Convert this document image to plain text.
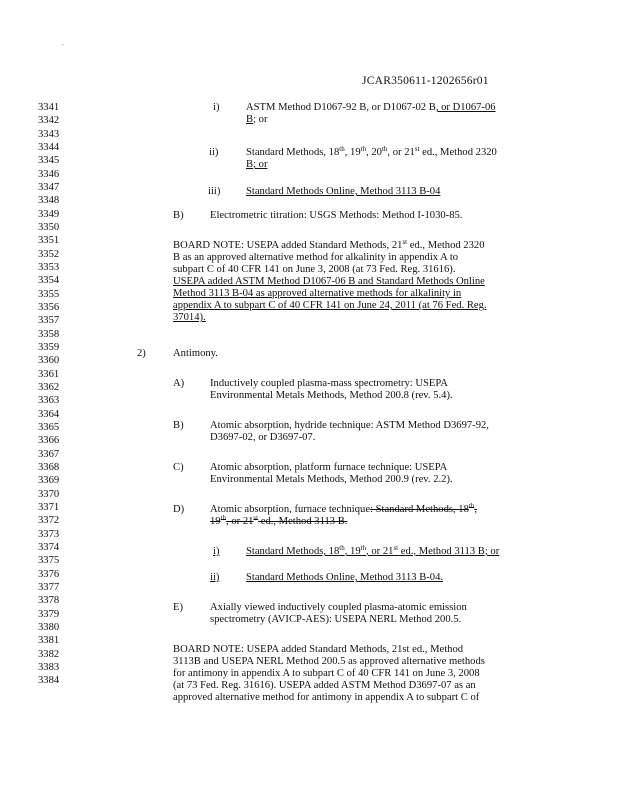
.
JCAR350611-1202656r01
3341
3342
3343
3344
3345
3346
3347
3348
3349
3350
3351
3352
3353
3354
3355
3356
3357
3358
3359
3360
3361
3362
3363
3364
3365
3366
3367
3368
3369
3370
3371
3372
3373
3374
3375
3376
3377
3378
3379
3380
3381
3382
3383
3384
i)	ASTM Method D1067-92 B, or D1067-02 B, or D1067-06
B; or
ii)	Standard Methods, 18th, 19th, 20th, or 21st ed., Method 2320
B; or
iii) Standard Methods Online, Method 3113 B-04
B) Electrometric titration: USGS Methods: Method I-1030-85.
BOARD NOTE: USEPA added Standard Methods, 21st ed., Method 2320
B as an approved alternative method for alkalinity in appendix A to
subpart C of 40 CFR 141 on June 3, 2008 (at 73 Fed. Reg. 31616).
USEPA added ASTM Method D1067-06 B and Standard Methods Online
Method 3113 B-04 as approved alternative methods for alkalinity in
appendix A to subpart C of 40 CFR 141 on June 24, 2011 (at 76 Fed. Reg.
37014).
2)	Antimony.
A) Inductively coupled plasma-mass spectrometry: USEPA
Environmental Metals Methods, Method 200.8 (rev. 5.4).
B) Atomic absorption, hydride technique: ASTM Method D3697-92,
D3697-02, or D3697-07.
C) Atomic absorption, platform furnace technique: USEPA
Environmental Metals Methods, Method 200.9 (rev. 2.2).
D) Atomic absorption, furnace technique: Standard Methods, 18th,
19th, or 21st ed., Method 3113 B.
i)	Standard Methods, 18th, 19th, or 21st ed., Method 3113 B; or
ii)	Standard Methods Online, Method 3113 B-04.
E)	Axially viewed inductively coupled plasma-atomic emission
spectrometry (AVICP-AES): USEPA NERL Method 200.5.
BOARD NOTE: USEPA added Standard Methods, 21st ed., Method
3113B and USEPA NERL Method 200.5 as approved alternative methods
for antimony in appendix A to subpart C of 40 CFR 141 on June 3, 2008
(at 73 Fed. Reg. 31616). USEPA added ASTM Method D3697-07 as an
approved alternative method for antimony in appendix A to subpart C of
